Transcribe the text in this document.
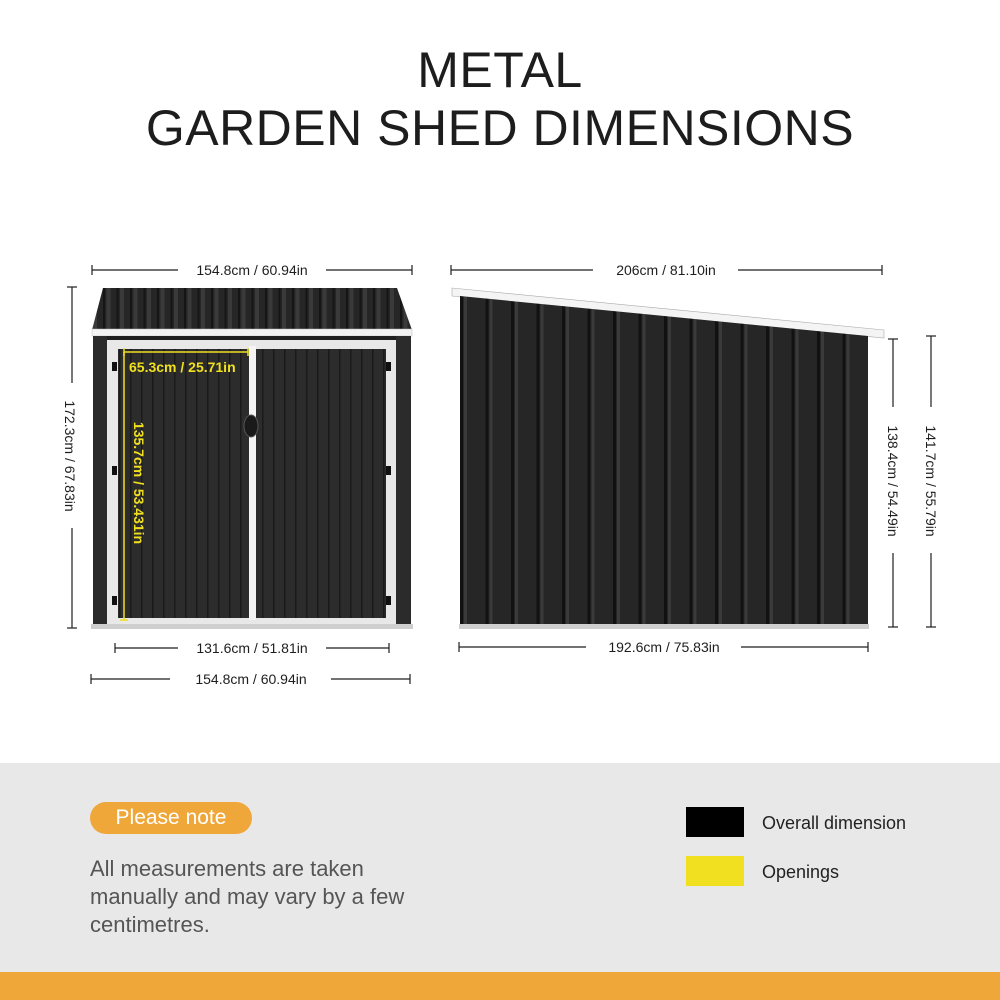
METAL
GARDEN SHED DIMENSIONS
154.8cm / 60.94in
172.3cm / 67.83in
131.6cm / 51.81in
154.8cm / 60.94in
65.3cm / 25.71in
135.7cm / 53.431in
206cm / 81.10in
138.4cm / 54.49in 141.7cm / 55.79in
192.6cm / 75.83in
Please note
All measurements are taken manually and may vary by a few centimetres.
Overall dimension
Openings
